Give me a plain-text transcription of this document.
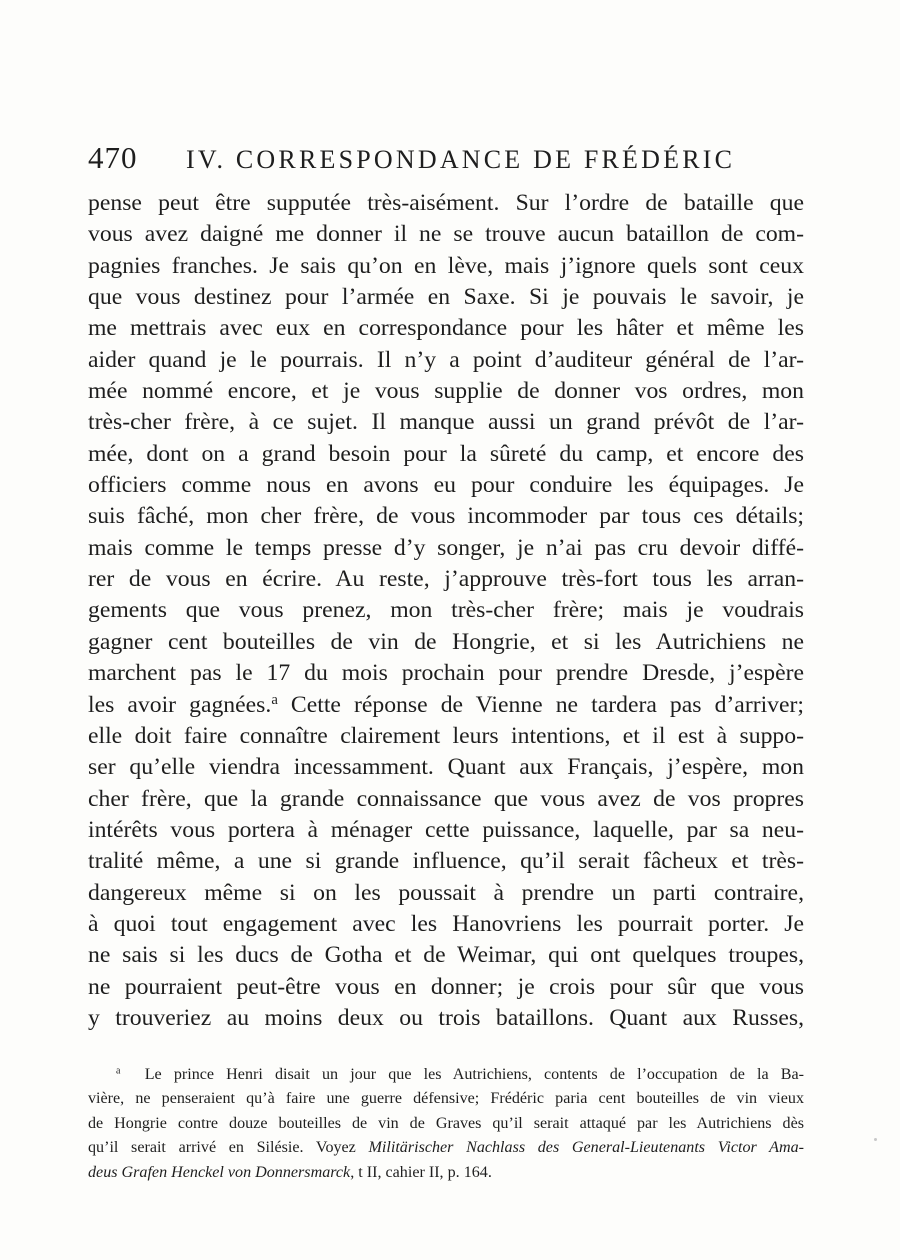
470	IV. CORRESPONDANCE DE FRÉDÉRIC
pense peut être supputée très-aisément. Sur l’ordre de bataille que
vous avez daigné me donner il ne se trouve aucun bataillon de com-
pagnies franches. Je sais qu’on en lève, mais j’ignore quels sont ceux
que vous destinez pour l’armée en Saxe. Si je pouvais le savoir, je
me mettrais avec eux en correspondance pour les hâter et même les
aider quand je le pourrais. Il n’y a point d’auditeur général de l’ar-
mée nommé encore, et je vous supplie de donner vos ordres, mon
très-cher frère, à ce sujet. Il manque aussi un grand prévôt de l’ar-
mée, dont on a grand besoin pour la sûreté du camp, et encore des
officiers comme nous en avons eu pour conduire les équipages. Je
suis fâché, mon cher frère, de vous incommoder par tous ces détails;
mais comme le temps presse d’y songer, je n’ai pas cru devoir diffé-
rer de vous en écrire. Au reste, j’approuve très-fort tous les arran-
gements que vous prenez, mon très-cher frère; mais je voudrais
gagner cent bouteilles de vin de Hongrie, et si les Autrichiens ne
marchent pas le 17 du mois prochain pour prendre Dresde, j’espère
les avoir gagnées.$^a$ Cette réponse de Vienne ne tardera pas d’arriver;
elle doit faire connaître clairement leurs intentions, et il est à suppo-
ser qu’elle viendra incessamment. Quant aux Français, j’espère, mon
cher frère, que la grande connaissance que vous avez de vos propres
intérêts vous portera à ménager cette puissance, laquelle, par sa neu-
tralité même, a une si grande influence, qu’il serait fâcheux et très-
dangereux même si on les poussait à prendre un parti contraire,
à quoi tout engagement avec les Hanovriens les pourrait porter. Je
ne sais si les ducs de Gotha et de Weimar, qui ont quelques troupes,
ne pourraient peut-être vous en donner; je crois pour sûr que vous
y trouveriez au moins deux ou trois bataillons. Quant aux Russes,
$^a$ Le prince Henri disait un jour que les Autrichiens, contents de l’occupation de la Ba-
vière, ne penseraient qu’à faire une guerre défensive; Frédéric paria cent bouteilles de vin vieux
de Hongrie contre douze bouteilles de vin de Graves qu’il serait attaqué par les Autrichiens dès
qu’il serait arrivé en Silésie. Voyez Militärischer Nachlass des General-Lieutenants Victor Ama-
deus Grafen Henckel von Donnersmarck, t II, cahier II, p. 164.
